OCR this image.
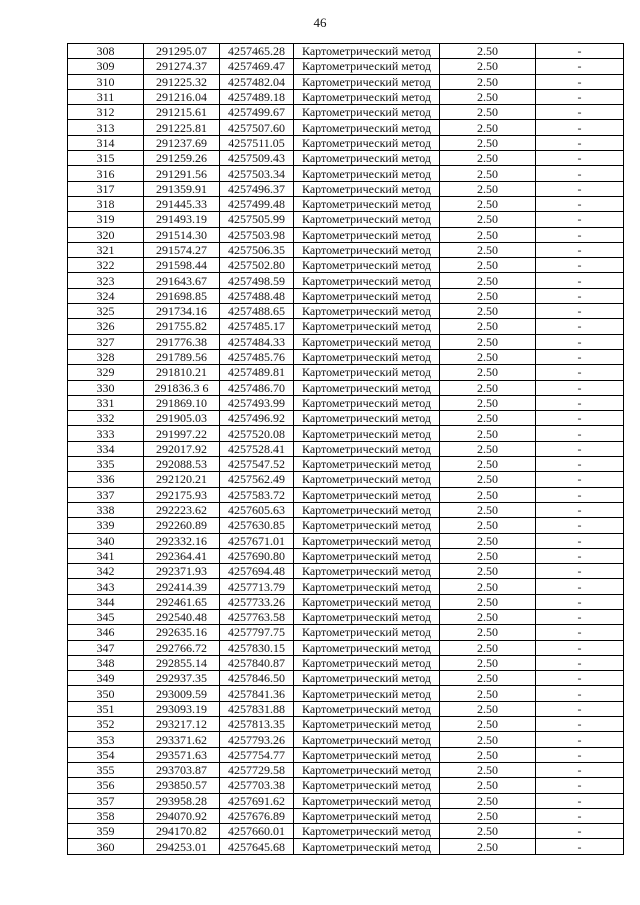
46
308	291295.07	4257465.28	Картометрический метод	2.50	-
309	291274.37	4257469.47	Картометрический метод	2.50	-
310	291225.32	4257482.04	Картометрический метод	2.50	-
311	291216.04	4257489.18	Картометрический метод	2.50	-
312	291215.61	4257499.67	Картометрический метод	2.50	-
313	291225.81	4257507.60	Картометрический метод	2.50	-
314	291237.69	4257511.05	Картометрический метод	2.50	-
315	291259.26	4257509.43	Картометрический метод	2.50	-
316	291291.56	4257503.34	Картометрический метод	2.50	-
317	291359.91	4257496.37	Картометрический метод	2.50	-
318	291445.33	4257499.48	Картометрический метод	2.50	-
319	291493.19	4257505.99	Картометрический метод	2.50	-
320	291514.30	4257503.98	Картометрический метод	2.50	-
321	291574.27	4257506.35	Картометрический метод	2.50	-
322	291598.44	4257502.80	Картометрический метод	2.50	-
323	291643.67	4257498.59	Картометрический метод	2.50	-
324	291698.85	4257488.48	Картометрический метод	2.50	-
325	291734.16	4257488.65	Картометрический метод	2.50	-
326	291755.82	4257485.17	Картометрический метод	2.50	-
327	291776.38	4257484.33	Картометрический метод	2.50	-
328	291789.56	4257485.76	Картометрический метод	2.50	-
329	291810.21	4257489.81	Картометрический метод	2.50	-
330	291836.3 6	4257486.70	Картометрический метод	2.50	-
331	291869.10	4257493.99	Картометрический метод	2.50	-
332	291905.03	4257496.92	Картометрический метод	2.50	-
333	291997.22	4257520.08	Картометрический метод	2.50	-
334	292017.92	4257528.41	Картометрический метод	2.50	-
335	292088.53	4257547.52	Картометрический метод	2.50	-
336	292120.21	4257562.49	Картометрический метод	2.50	-
337	292175.93	4257583.72	Картометрический метод	2.50	-
338	292223.62	4257605.63	Картометрический метод	2.50	-
339	292260.89	4257630.85	Картометрический метод	2.50	-
340	292332.16	4257671.01	Картометрический метод	2.50	-
341	292364.41	4257690.80	Картометрический метод	2.50	-
342	292371.93	4257694.48	Картометрический метод	2.50	-
343	292414.39	4257713.79	Картометрический метод	2.50	-
344	292461.65	4257733.26	Картометрический метод	2.50	-
345	292540.48	4257763.58	Картометрический метод	2.50	-
346	292635.16	4257797.75	Картометрический метод	2.50	-
347	292766.72	4257830.15	Картометрический метод	2.50	-
348	292855.14	4257840.87	Картометрический метод	2.50	-
349	292937.35	4257846.50	Картометрический метод	2.50	-
350	293009.59	4257841.36	Картометрический метод	2.50	-
351	293093.19	4257831.88	Картометрический метод	2.50	-
352	293217.12	4257813.35	Картометрический метод	2.50	-
353	293371.62	4257793.26	Картометрический метод	2.50	-
354	293571.63	4257754.77	Картометрический метод	2.50	-
355	293703.87	4257729.58	Картометрический метод	2.50	-
356	293850.57	4257703.38	Картометрический метод	2.50	-
357	293958.28	4257691.62	Картометрический метод	2.50	-
358	294070.92	4257676.89	Картометрический метод	2.50	-
359	294170.82	4257660.01	Картометрический метод	2.50	-
360	294253.01	4257645.68	Картометрический метод	2.50	-
